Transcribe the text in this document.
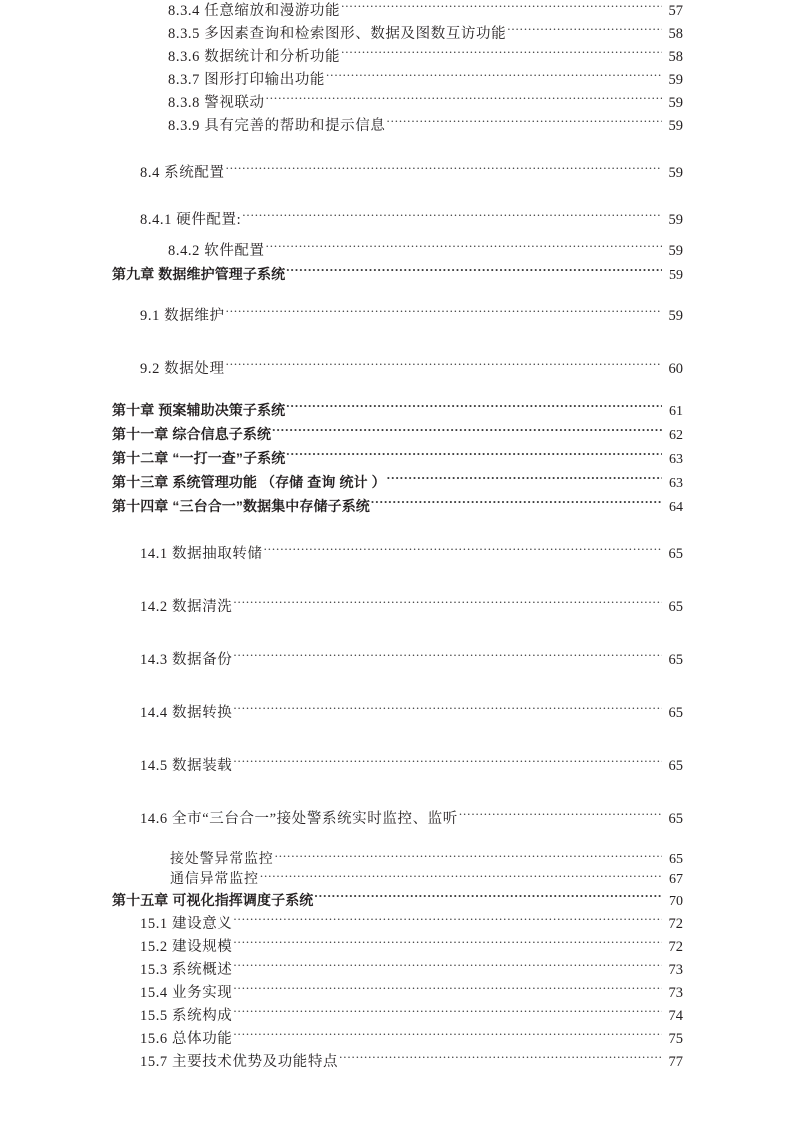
8.3.4 任意缩放和漫游功能 .....	57
8.3.5 多因素查询和检索图形、数据及图数互访功能 .....	58
8.3.6 数据统计和分析功能 .....	58
8.3.7 图形打印输出功能 .....	59
8.3.8 警视联动 .....	59
8.3.9 具有完善的帮助和提示信息 .....	59
8.4 系统配置 .....	59
8.4.1 硬件配置: .....	59
8.4.2 软件配置 .....	59
第九章 数据维护管理子系统 .....	59
9.1 数据维护 .....	59
9.2 数据处理 .....	60
第十章 预案辅助决策子系统 .....	61
第十一章 综合信息子系统 .....	62
第十二章 “一打一查”子系统 .....	63
第十三章 系统管理功能 （存储 查询 统计 ） .....	63
第十四章 “三台合一”数据集中存储子系统 .....	64
14.1 数据抽取转储 .....	65
14.2 数据清洗 .....	65
14.3 数据备份 .....	65
14.4 数据转换 .....	65
14.5 数据装载 .....	65
14.6 全市“三台合一”接处警系统实时监控、监听 .....	65
接处警异常监控 .....	65
通信异常监控 .....	67
第十五章 可视化指挥调度子系统 .....	70
15.1 建设意义 .....	72
15.2 建设规模 .....	72
15.3 系统概述 .....	73
15.4 业务实现 .....	73
15.5 系统构成 .....	74
15.6 总体功能 .....	75
15.7 主要技术优势及功能特点 .....	77
